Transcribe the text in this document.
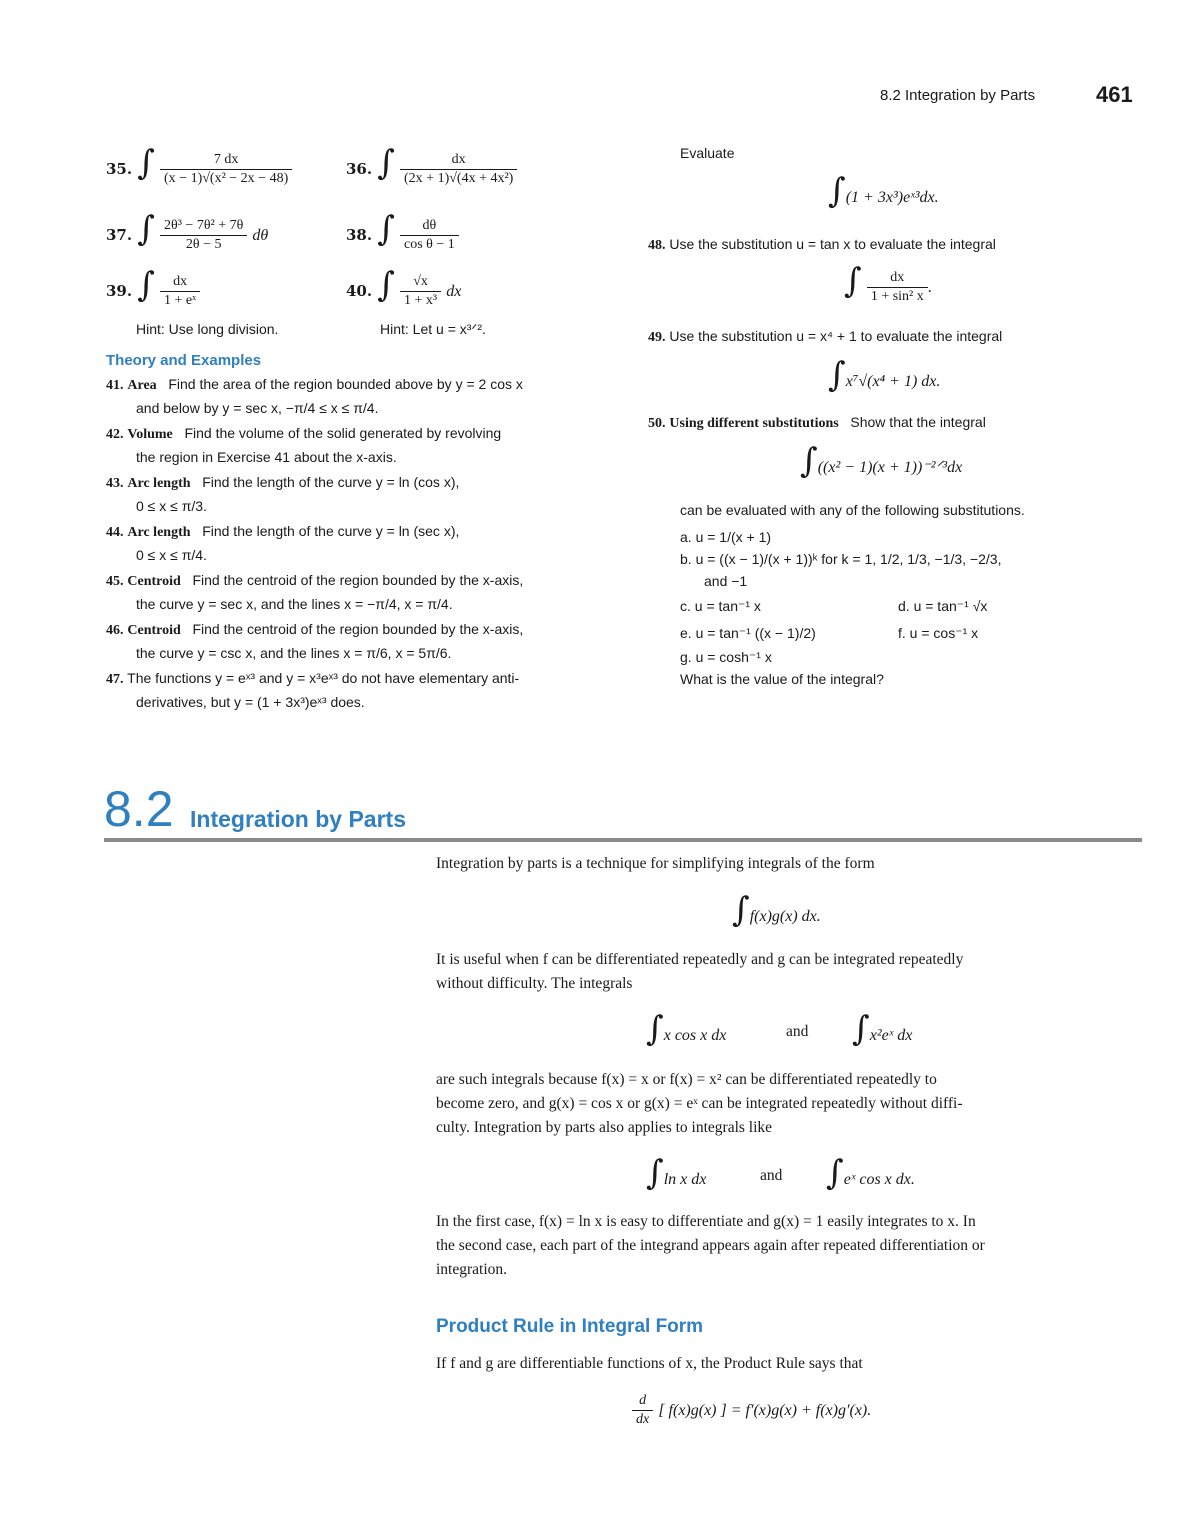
8.2 Integration by Parts	461
35. ∫ $\frac{7 dx}{\text{(x − 1)√(x² − 2x − 48)}}$	36. ∫ $\frac{dx}{\text{(2x + 1)√(4x + 4x²)}}$
37. ∫ $\frac{\text{2θ³ − 7θ² + 7θ}}{2\theta - 5}$ dθ	38. ∫ $\frac{d\theta}{\text{cos θ − 1}}$
39. ∫ $\frac{dx}{\text{1 + eˣ}}$	40. ∫ $\frac{√x}{\text{1 + x³}}$ dx
Hint: Use long division.	Hint: Let u = x³ᐟ².
Theory and Examples
41. Area Find the area of the region bounded above by y = 2 cos x
and below by y = sec x, −π/4 ≤ x ≤ π/4.
42. Volume Find the volume of the solid generated by revolving
the region in Exercise 41 about the x-axis.
43. Arc length Find the length of the curve y = ln (cos x),
0 ≤ x ≤ π/3.
44. Arc length Find the length of the curve y = ln (sec x),
0 ≤ x ≤ π/4.
45. Centroid Find the centroid of the region bounded by the x-axis,
the curve y = sec x, and the lines x = −π/4, x = π/4.
46. Centroid Find the centroid of the region bounded by the x-axis,
the curve y = csc x, and the lines x = π/6, x = 5π/6.
47. The functions y = eˣ³ and y = x³eˣ³ do not have elementary anti-
derivatives, but y = (1 + 3x³)eˣ³ does.
Evaluate
∫(1 + 3x³)eˣ³dx.
48. Use the substitution u = tan x to evaluate the integral
∫ $\frac{dx}{\text{1 + sin² x}}$ .
49. Use the substitution u = x⁴ + 1 to evaluate the integral
∫x⁷√(x⁴ + 1) dx.
50. Using different substitutions Show that the integral
∫((x² − 1)(x + 1))⁻²ᐟ³dx
can be evaluated with any of the following substitutions.
a. u = 1/(x + 1)
b. u = ((x − 1)/(x + 1))ᵏ for k = 1, 1/2, 1/3, −1/3, −2/3,
and −1
c. u = tan⁻¹ x	d. u = tan⁻¹ √x
e. u = tan⁻¹ ((x − 1)/2)	f. u = cos⁻¹ x
g. u = cosh⁻¹ x
What is the value of the integral?
8.2 Integration by Parts
Integration by parts is a technique for simplifying integrals of the form
∫f(x)g(x) dx.
It is useful when f can be differentiated repeatedly and g can be integrated repeatedly
without difficulty. The integrals
∫x cos x dx	and ∫x²eˣ dx
are such integrals because f(x) = x or f(x) = x² can be differentiated repeatedly to
become zero, and g(x) = cos x or g(x) = eˣ can be integrated repeatedly without diffi-
culty. Integration by parts also applies to integrals like
∫ln x dx	and ∫eˣ cos x dx.
In the first case, f(x) = ln x is easy to differentiate and g(x) = 1 easily integrates to x. In
the second case, each part of the integrand appears again after repeated differentiation or
integration.
Product Rule in Integral Form
If f and g are differentiable functions of x, the Product Rule says that
$\frac{d}{dx}$ [ f(x)g(x) ] = f′(x)g(x) + f(x)g′(x).
